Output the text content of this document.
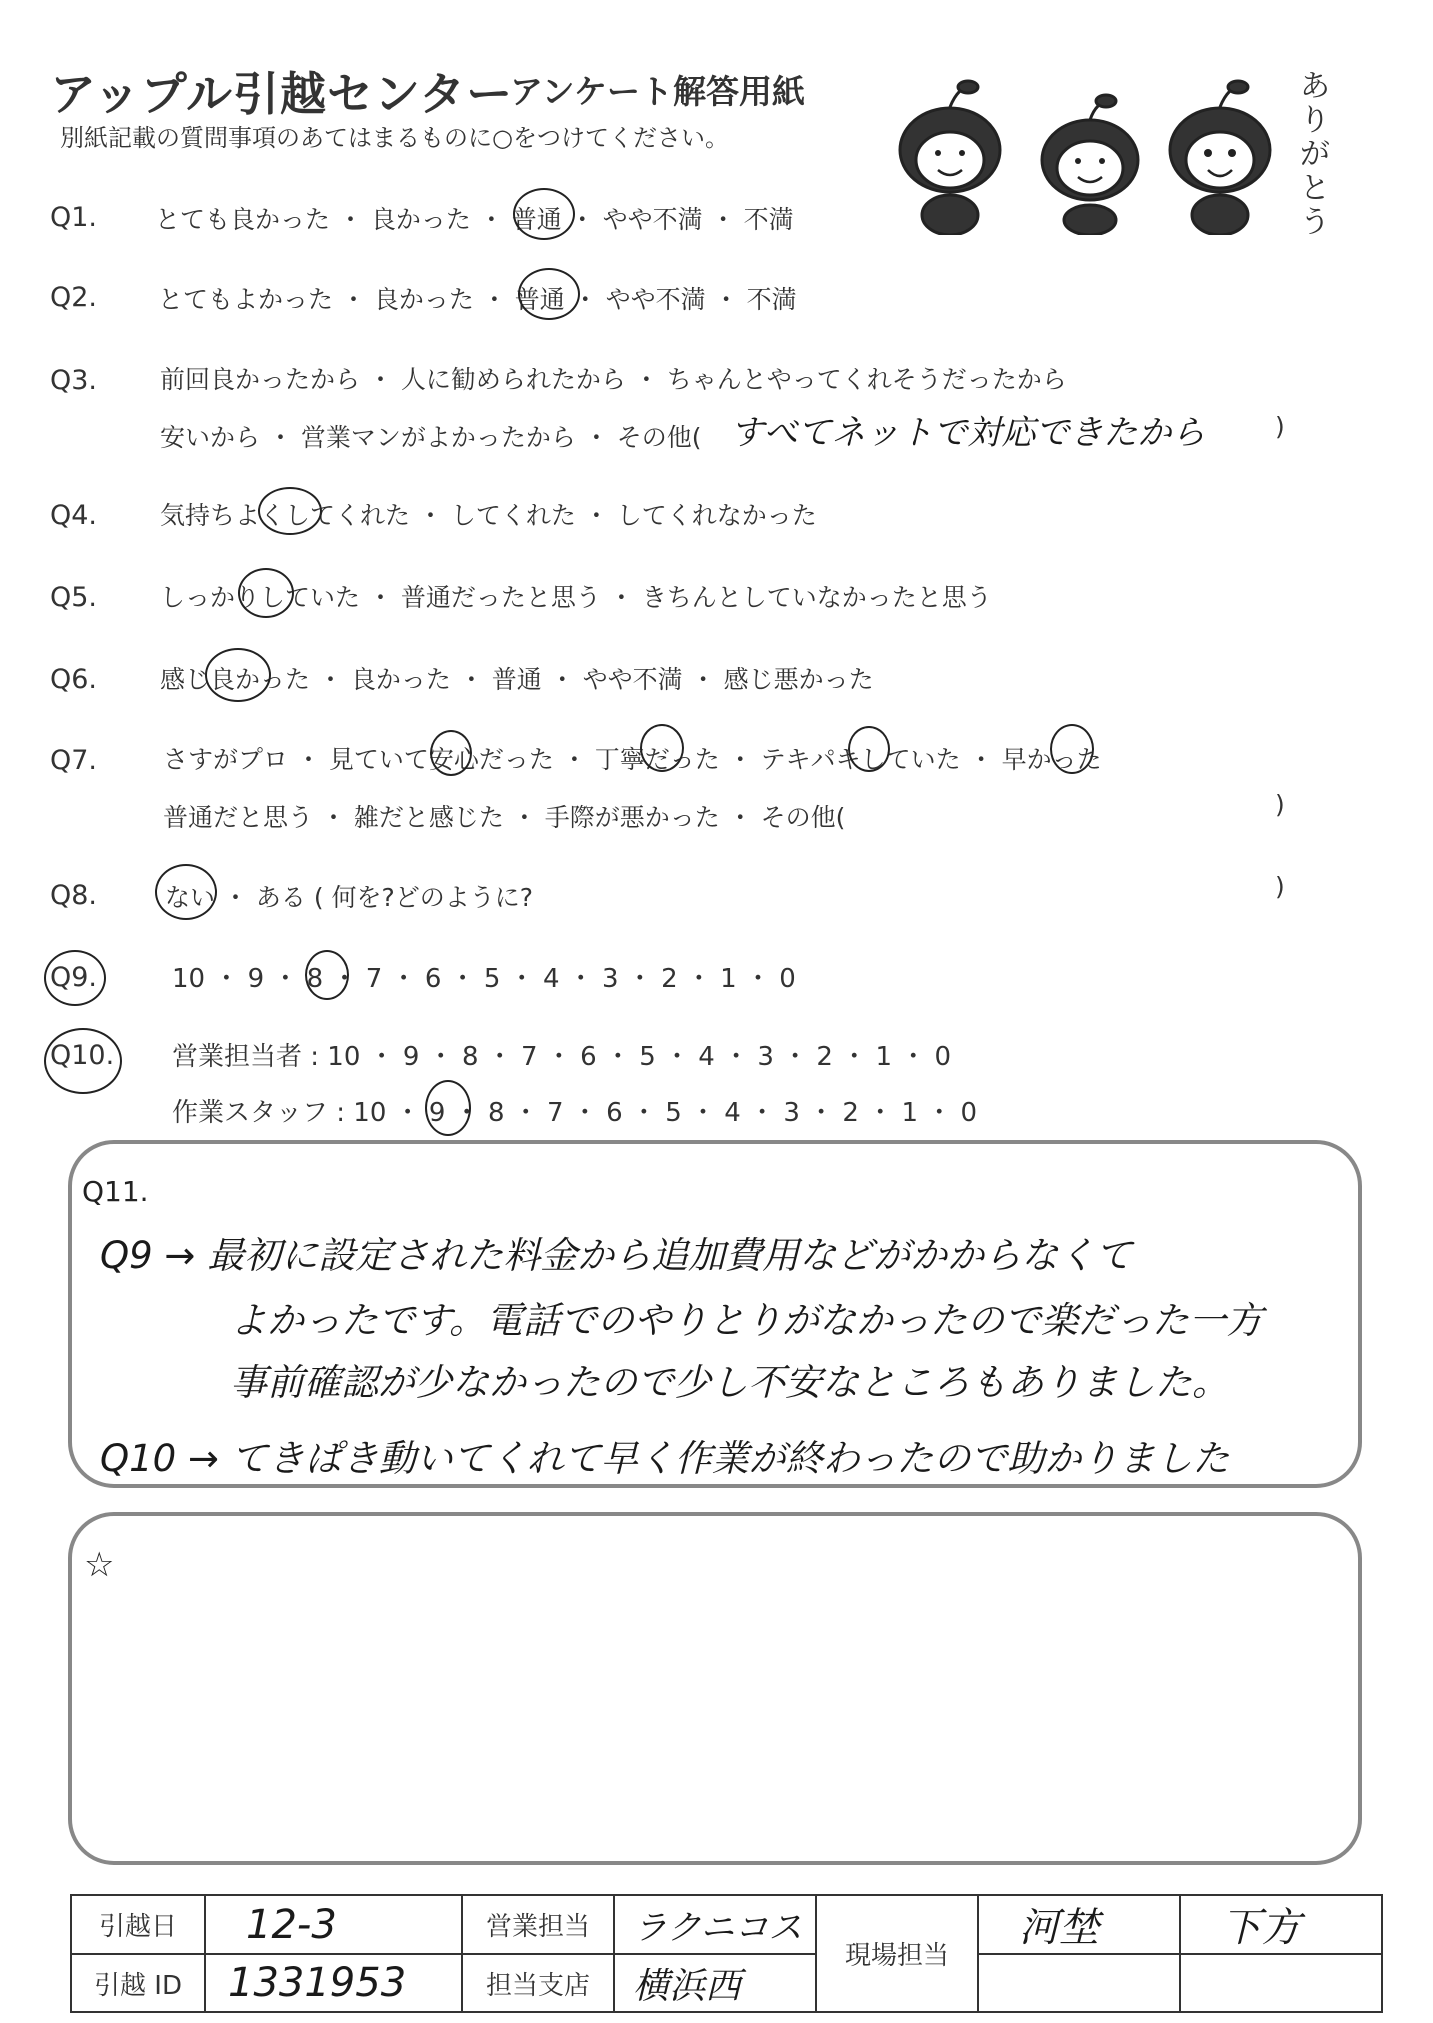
アップル引越センター
アンケート解答用紙
別紙記載の質問事項のあてはまるものに○をつけてください。
ありがとう
Q1.
Q2.
Q3.
Q4.
Q5.
Q6.
Q7.
Q8.
Q9.
Q10.
とても良かった ・ 良かった ・ 普通 ・ やや不満 ・ 不満
とてもよかった ・ 良かった ・ 普通 ・ やや不満 ・ 不満
前回良かったから ・ 人に勧められたから ・ ちゃんとやってくれそうだったから
安いから ・ 営業マンがよかったから ・ その他( すべてネットで対応できたから	)
気持ちよくしてくれた ・ してくれた ・ してくれなかった
しっかりしていた ・ 普通だったと思う ・ きちんとしていなかったと思う
感じ良かった ・ 良かった ・ 普通 ・ やや不満 ・ 感じ悪かった
さすがプロ ・ 見ていて安心だった ・ 丁寧だった ・ テキパキしていた ・ 早かった
普通だと思う ・ 雑だと感じた ・ 手際が悪かった ・ その他(	)
ない ・ ある ( 何を?どのように?	)
10 ・ 9 ・ 8 ・ 7 ・ 6 ・ 5 ・ 4 ・ 3 ・ 2 ・ 1 ・ 0
営業担当者 : 10 ・ 9 ・ 8 ・ 7 ・ 6 ・ 5 ・ 4 ・ 3 ・ 2 ・ 1 ・ 0
作業スタッフ : 10 ・ 9 ・ 8 ・ 7 ・ 6 ・ 5 ・ 4 ・ 3 ・ 2 ・ 1 ・ 0
Q11.
Q9 → 最初に設定された料金から追加費用などがかからなくて
よかったです。電話でのやりとりがなかったので楽だった一方
事前確認が少なかったので少し不安なところもありました。
Q10 → てきぱき動いてくれて早く作業が終わったので助かりました
☆
引越日	12-3	営業担当	ラクニコス	現場担当	河埜	下方
引越 ID	1331953	担当支店	横浜西			
